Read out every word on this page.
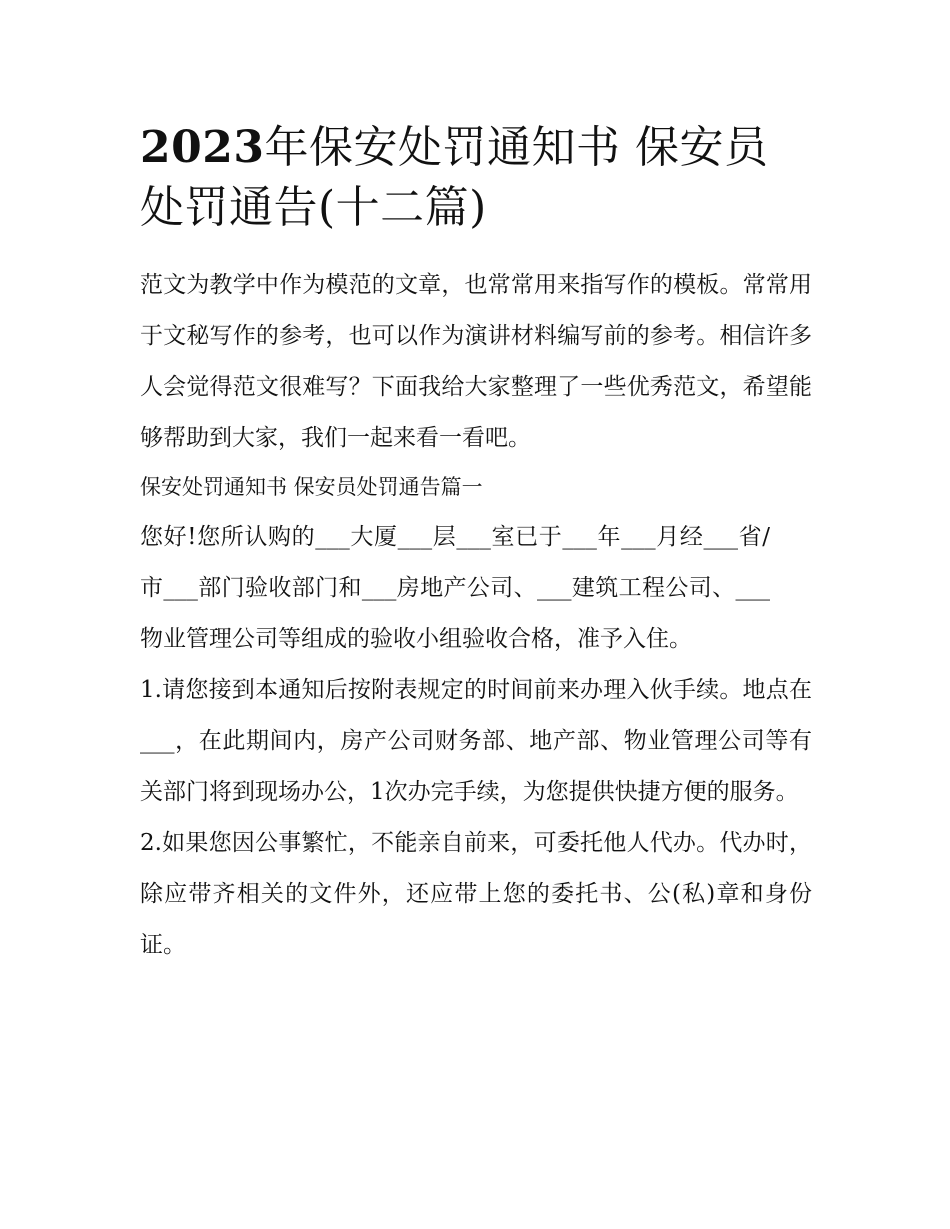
2023年保安处罚通知书 保安员处罚通告(十二篇)

范文为教学中作为模范的文章，也常常用来指写作的模板。常常用于文秘写作的参考，也可以作为演讲材料编写前的参考。相信许多人会觉得范文很难写？下面我给大家整理了一些优秀范文，希望能够帮助到大家，我们一起来看一看吧。

保安处罚通知书 保安员处罚通告篇一

您好!您所认购的___大厦___层___室已于___年___月经___省/市___部门验收部门和___房地产公司、___建筑工程公司、___物业管理公司等组成的验收小组验收合格，准予入住。

1.请您接到本通知后按附表规定的时间前来办理入伙手续。地点在___，在此期间内，房产公司财务部、地产部、物业管理公司等有关部门将到现场办公，1次办完手续，为您提供快捷方便的服务。

2.如果您因公事繁忙，不能亲自前来，可委托他人代办。代办时，除应带齐相关的文件外，还应带上您的委托书、公(私)章和身份证。
